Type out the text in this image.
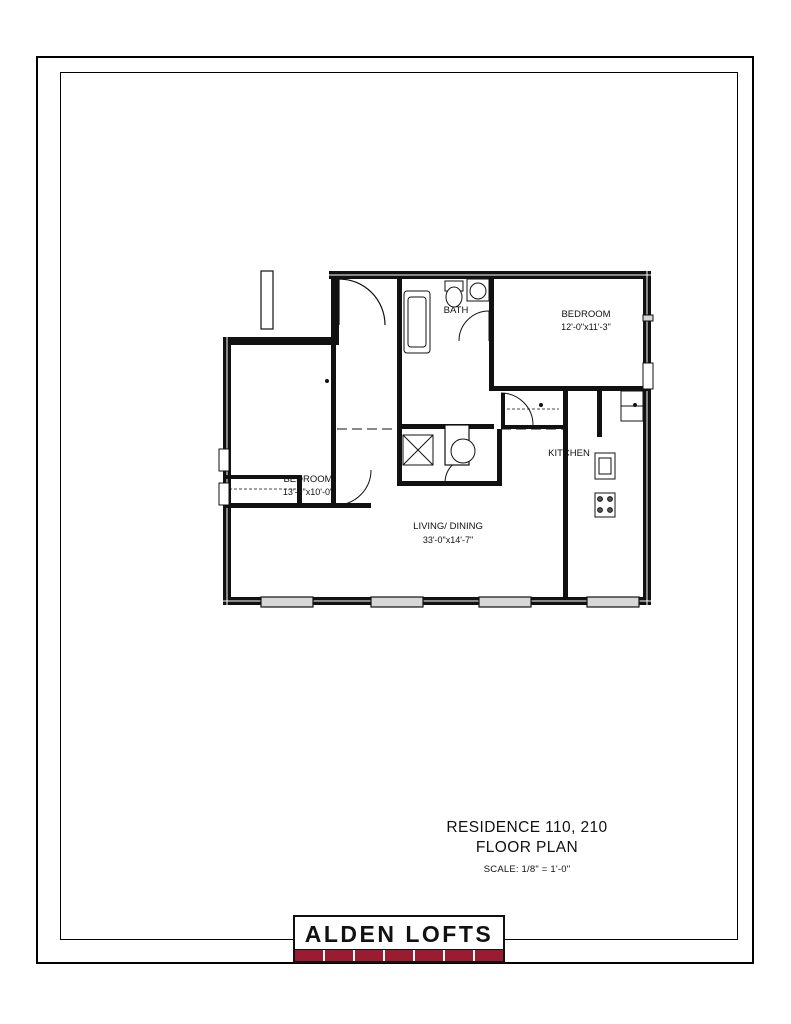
BEDROOM
13'-0"x10'-0"
BEDROOM
12'-0"x11'-3"
BATH
KITCHEN
LIVING/ DINING
33'-0"x14'-7"
RESIDENCE 110, 210
FLOOR PLAN
SCALE: 1/8" = 1'-0"
ALDEN LOFTS
